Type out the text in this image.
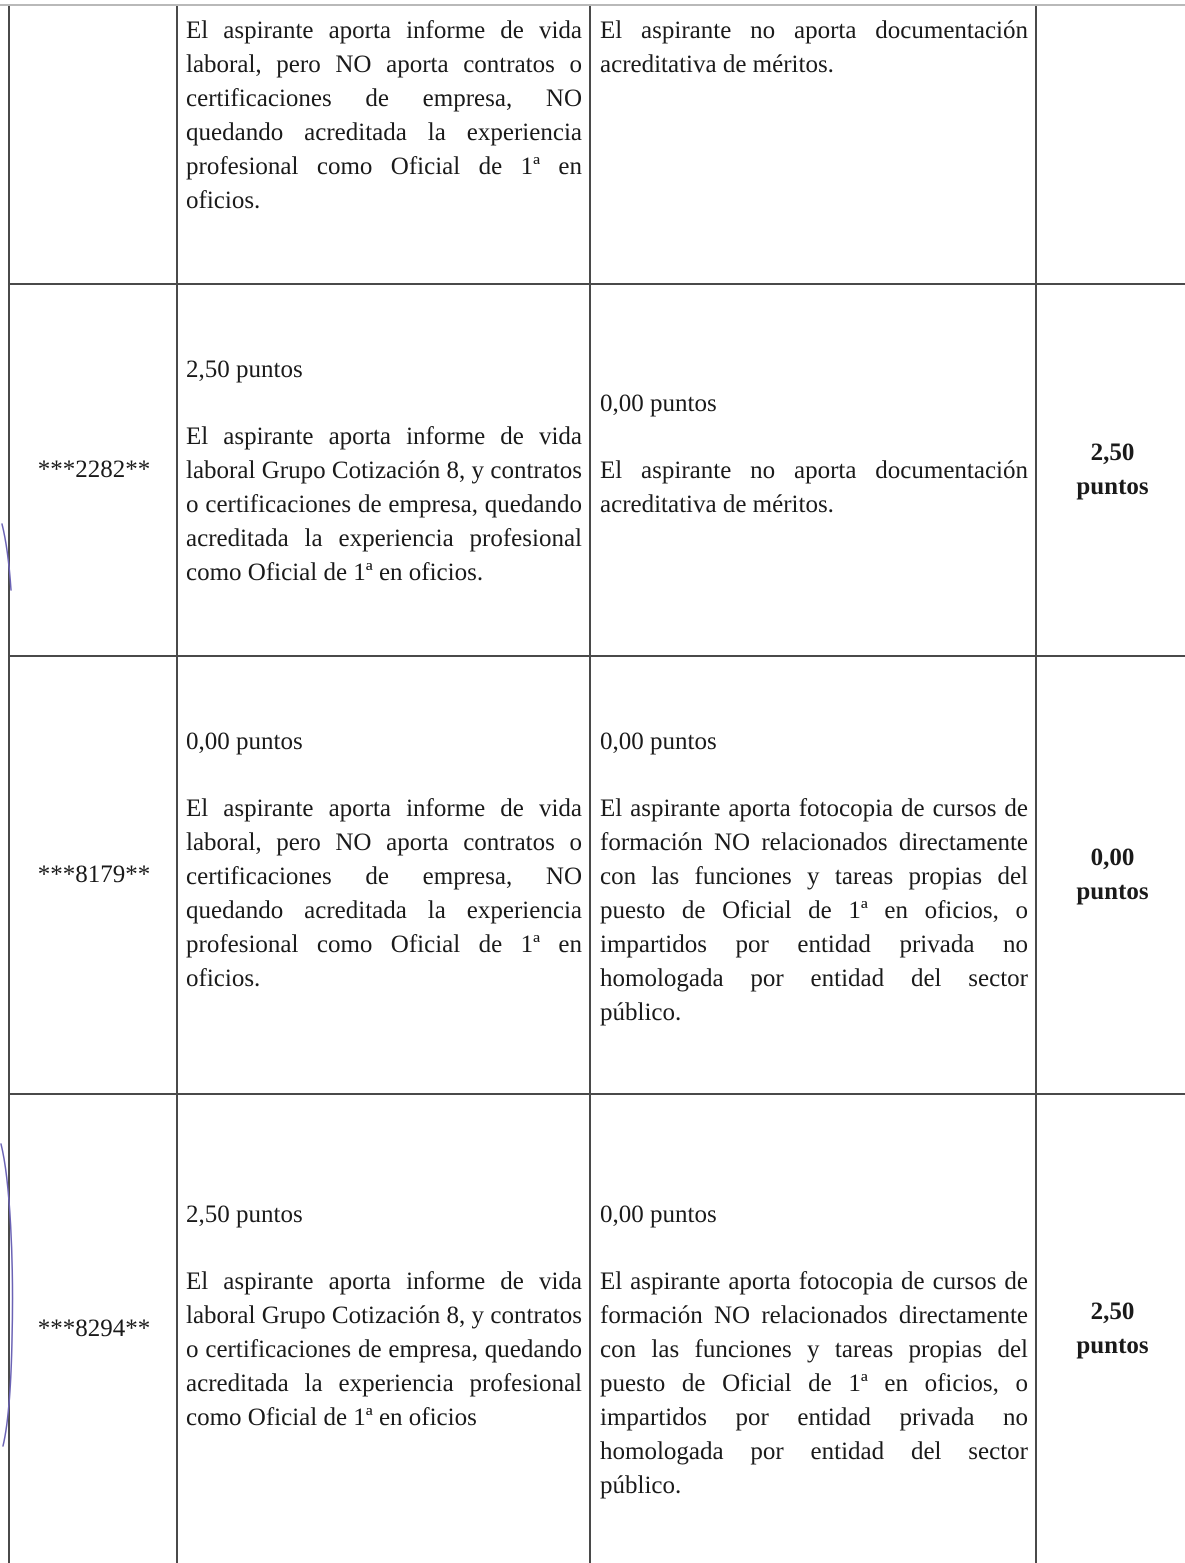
El aspirante aporta informe de vida laboral, pero NO aporta contratos o certificaciones de empresa, NO quedando acreditada la experiencia profesional como Oficial de 1ª en oficios.
El aspirante no aporta documentación acreditativa de méritos.
***2282**
2,50 puntos
El aspirante aporta informe de vida laboral Grupo Cotización 8, y contratos o certificaciones de empresa, quedando acreditada la experiencia profesional como Oficial de 1ª en oficios.
0,00 puntos
El aspirante no aporta documentación acreditativa de méritos.
2,50
puntos
***8179**
0,00 puntos
El aspirante aporta informe de vida laboral, pero NO aporta contratos o certificaciones de empresa, NO quedando acreditada la experiencia profesional como Oficial de 1ª en oficios.
0,00 puntos
El aspirante aporta fotocopia de cursos de formación NO relacionados directamente con las funciones y tareas propias del puesto de Oficial de 1ª en oficios, o impartidos por entidad privada no homologada por entidad del sector público.
0,00
puntos
***8294**
2,50 puntos
El aspirante aporta informe de vida laboral Grupo Cotización 8, y contratos o certificaciones de empresa, quedando acreditada la experiencia profesional como Oficial de 1ª en oficios
0,00 puntos
El aspirante aporta fotocopia de cursos de formación NO relacionados directamente con las funciones y tareas propias del puesto de Oficial de 1ª en oficios, o impartidos por entidad privada no homologada por entidad del sector público.
2,50
puntos
